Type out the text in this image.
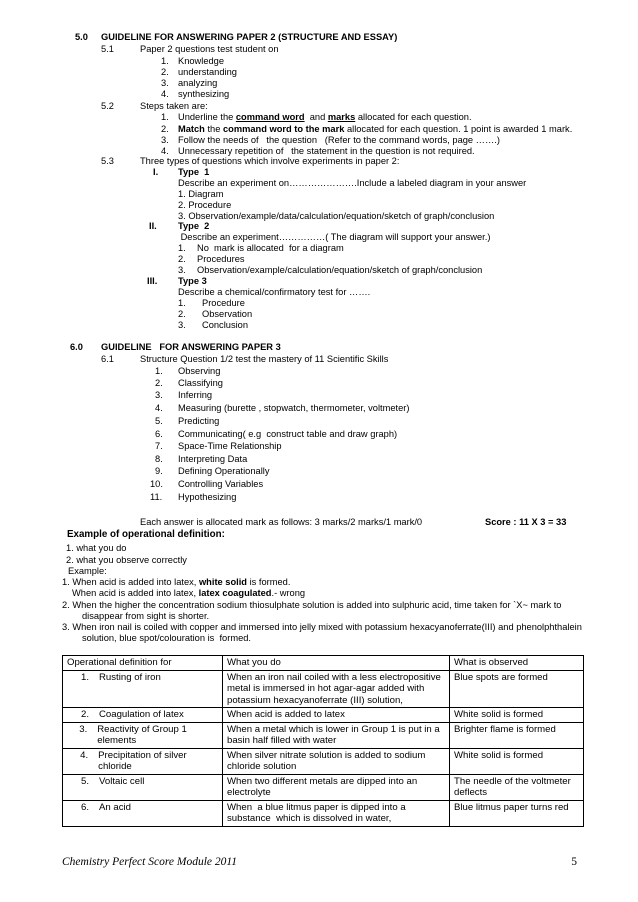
5.0 GUIDELINE FOR ANSWERING PAPER 2 (STRUCTURE AND ESSAY)
5.1	Paper 2 questions test student on
1. Knowledge
2. understanding
3. analyzing
4. synthesizing
5.2	Steps taken are:
1. Underline the command word  and marks allocated for each question.
2. Match the command word to the mark allocated for each question. 1 point is awarded 1 mark.
3. Follow the needs of   the question   (Refer to the command words, page …….)
4. Unnecessary repetition of   the statement in the question is not required.
5.3	Three types of questions which involve experiments in paper 2:
I. Type  1
Describe an experiment on………………….Include a labeled diagram in your answer
1. Diagram
2. Procedure
3. Observation/example/data/calculation/equation/sketch of graph/conclusion
II. Type  2
Describe an experiment……………( The diagram will support your answer.)
1. No  mark is allocated  for a diagram
2. Procedures
3. Observation/example/calculation/equation/sketch of graph/conclusion
III. Type 3
Describe a chemical/confirmatory test for …….
1. Procedure
2. Observation
3. Conclusion
6.0 GUIDELINE   FOR ANSWERING PAPER 3
6.1	Structure Question 1/2 test the mastery of 11 Scientific Skills
1. Observing
2. Classifying
3. Inferring
4. Measuring (burette , stopwatch, thermometer, voltmeter)
5. Predicting
6. Communicating( e.g  construct table and draw graph)
7. Space-Time Relationship
8. Interpreting Data
9. Defining Operationally
10. Controlling Variables
11. Hypothesizing
Each answer is allocated mark as follows: 3 marks/2 marks/1 mark/0	Score : 11 X 3 = 33
Example of operational definition:
1. what you do
2. what you observe correctly
Example:
1. When acid is added into latex, white solid is formed.
When acid is added into latex, latex coagulated.- wrong
2. When the higher the concentration sodium thiosulphate solution is added into sulphuric acid, time taken for `X~ mark to
disappear from sight is shorter.
3. When iron nail is coiled with copper and immersed into jelly mixed with potassium hexacyanoferrate(III) and phenolphthalein
solution, blue spot/colouration is  formed.
Operational definition for	What you do	What is observed

1. Rusting of iron	When an iron nail coiled with a less electropositive metal is immersed in hot agar-agar added with potassium hexacyanoferrate (III) solution,	Blue spots are formed

2. Coagulation of latex	When acid is added to latex	White solid is formed

3. Reactivity of Group 1 elements	When a metal which is lower in Group 1 is put in a basin half filled with water	Brighter flame is formed

4. Precipitation of silver chloride	When silver nitrate solution is added to sodium chloride solution	White solid is formed

5. Voltaic cell	When two different metals are dipped into an electrolyte	The needle of the voltmeter deflects

6. An acid	When  a blue litmus paper is dipped into a substance  which is dissolved in water,	Blue litmus paper turns red
Chemistry Perfect Score Module 2011	5
